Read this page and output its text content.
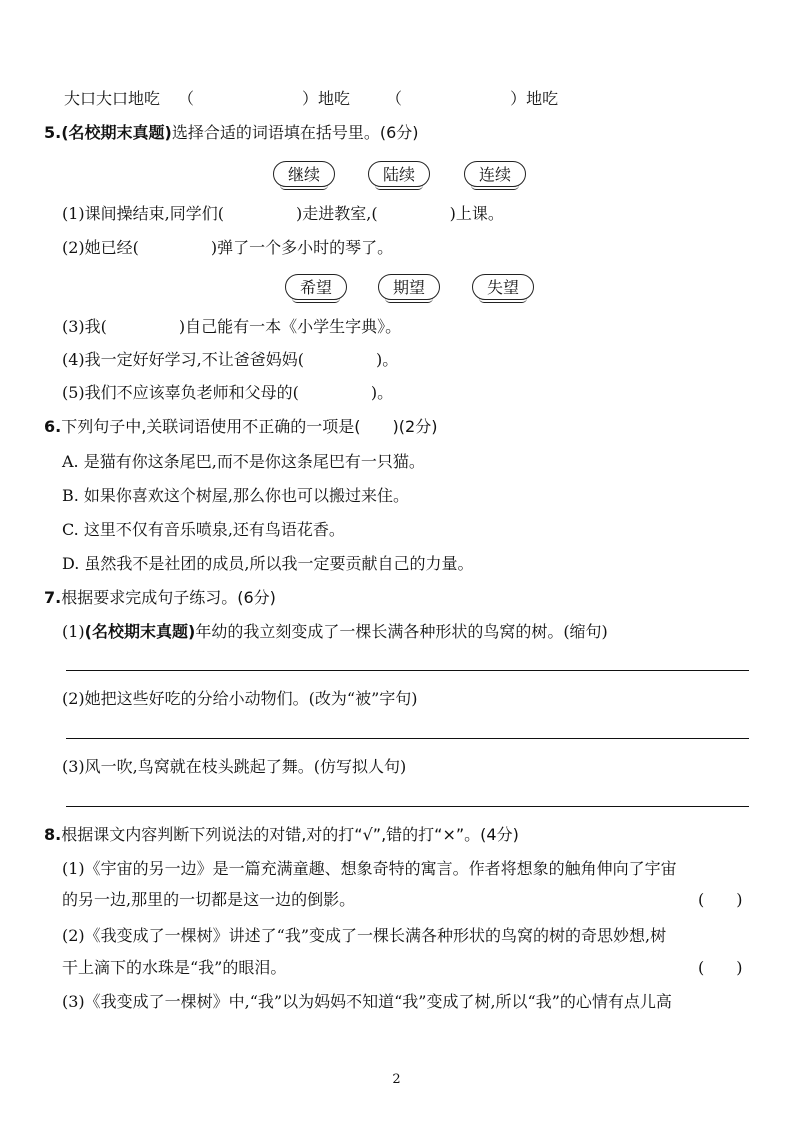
大口大口地吃 （	）地吃 （	）地吃
5.(名校期末真题)选择合适的词语填在括号里。(6分)
继续	陆续	连续
(1)课间操结束,同学们(	)走进教室,(	)上课。
(2)她已经(	)弹了一个多小时的琴了。
希望	期望	失望
(3)我(	)自己能有一本《小学生字典》。
(4)我一定好好学习,不让爸爸妈妈(	)。
(5)我们不应该辜负老师和父母的(	)。
6.下列句子中,关联词语使用不正确的一项是(　　)(2分)
A. 是猫有你这条尾巴,而不是你这条尾巴有一只猫。
B. 如果你喜欢这个树屋,那么你也可以搬过来住。
C. 这里不仅有音乐喷泉,还有鸟语花香。
D. 虽然我不是社团的成员,所以我一定要贡献自己的力量。
7.根据要求完成句子练习。(6分)
(1)(名校期末真题)年幼的我立刻变成了一棵长满各种形状的鸟窝的树。(缩句)
(2)她把这些好吃的分给小动物们。(改为“被”字句)
(3)风一吹,鸟窝就在枝头跳起了舞。(仿写拟人句)
8.根据课文内容判断下列说法的对错,对的打“√”,错的打“×”。(4分)
(1)《宇宙的另一边》是一篇充满童趣、想象奇特的寓言。作者将想象的触角伸向了宇宙
的另一边,那里的一切都是这一边的倒影。	(　　)
(2)《我变成了一棵树》讲述了“我”变成了一棵长满各种形状的鸟窝的树的奇思妙想,树
干上滴下的水珠是“我”的眼泪。	(　　)
(3)《我变成了一棵树》中,“我”以为妈妈不知道“我”变成了树,所以“我”的心情有点儿高
2
